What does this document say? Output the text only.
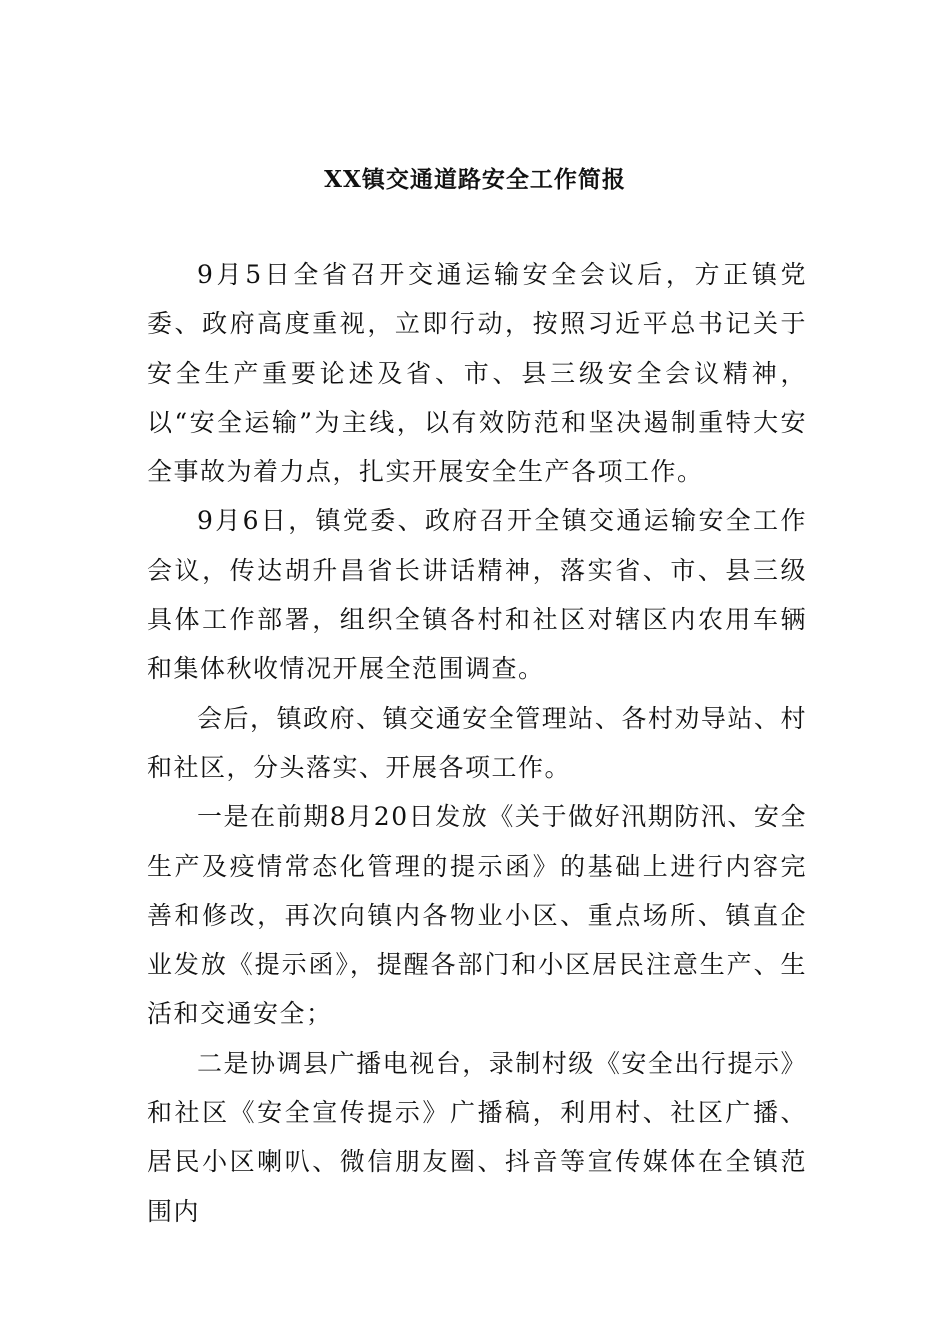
XX镇交通道路安全工作简报

9月5日全省召开交通运输安全会议后，方正镇党委、政府高度重视，立即行动，按照习近平总书记关于安全生产重要论述及省、市、县三级安全会议精神，以“安全运输”为主线，以有效防范和坚决遏制重特大安全事故为着力点，扎实开展安全生产各项工作。

9月6日，镇党委、政府召开全镇交通运输安全工作会议，传达胡升昌省长讲话精神，落实省、市、县三级具体工作部署，组织全镇各村和社区对辖区内农用车辆和集体秋收情况开展全范围调查。

会后，镇政府、镇交通安全管理站、各村劝导站、村和社区，分头落实、开展各项工作。

一是在前期8月20日发放《关于做好汛期防汛、安全生产及疫情常态化管理的提示函》的基础上进行内容完善和修改，再次向镇内各物业小区、重点场所、镇直企业发放《提示函》，提醒各部门和小区居民注意生产、生活和交通安全；

二是协调县广播电视台，录制村级《安全出行提示》和社区《安全宣传提示》广播稿，利用村、社区广播、居民小区喇叭、微信朋友圈、抖音等宣传媒体在全镇范围内
